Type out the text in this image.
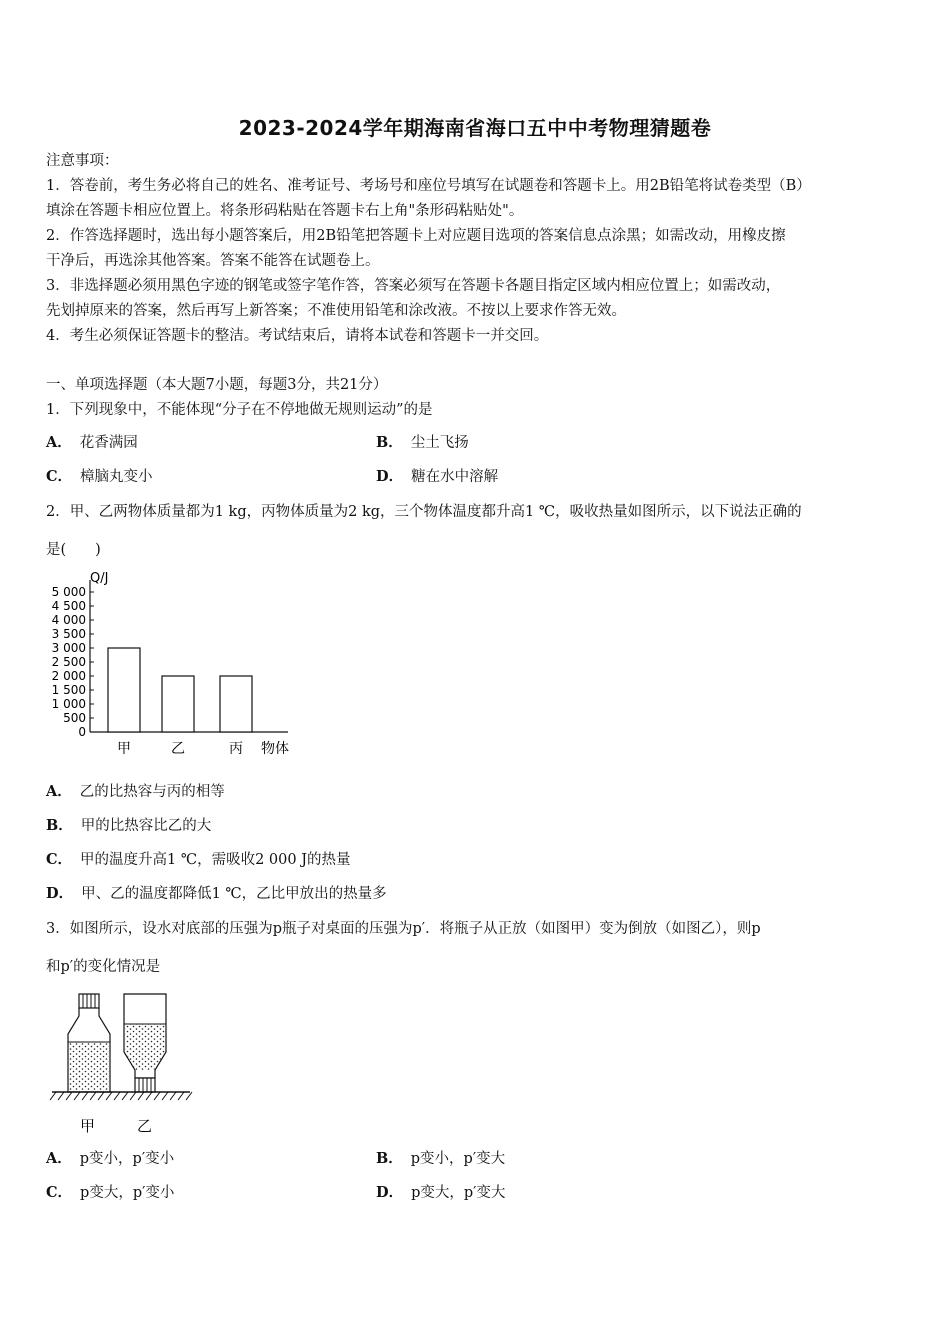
2023-2024学年期海南省海口五中中考物理猜题卷
注意事项：
1．答卷前，考生务必将自己的姓名、准考证号、考场号和座位号填写在试题卷和答题卡上。用2B铅笔将试卷类型（B）
填涂在答题卡相应位置上。将条形码粘贴在答题卡右上角"条形码粘贴处"。
2．作答选择题时，选出每小题答案后，用2B铅笔把答题卡上对应题目选项的答案信息点涂黑；如需改动，用橡皮擦
干净后，再选涂其他答案。答案不能答在试题卷上。
3．非选择题必须用黑色字迹的钢笔或签字笔作答，答案必须写在答题卡各题目指定区域内相应位置上；如需改动，
先划掉原来的答案，然后再写上新答案；不准使用铅笔和涂改液。不按以上要求作答无效。
4．考生必须保证答题卡的整洁。考试结束后，请将本试卷和答题卡一并交回。
一、单项选择题（本大题7小题，每题3分，共21分）
1．下列现象中，不能体现“分子在不停地做无规则运动”的是
A． 花香满园	B． 尘土飞扬
C． 樟脑丸变小	D． 糖在水中溶解
2．甲、乙两物体质量都为1 kg，丙物体质量为2 kg，三个物体温度都升高1 ℃，吸收热量如图所示，以下说法正确的
是(　　)
Q/J
0
500
1 000
1 500
2 000
2 500
3 000
3 500
4 000
4 500
5 000
甲	乙	丙 物体
A． 乙的比热容与丙的相等
B． 甲的比热容比乙的大
C． 甲的温度升高1 ℃，需吸收2 000 J的热量
D． 甲、乙的温度都降低1 ℃，乙比甲放出的热量多
3．如图所示，设水对底部的压强为p瓶子对桌面的压强为p′．将瓶子从正放（如图甲）变为倒放（如图乙），则p
和p′的变化情况是
甲	乙
A． p变小，p′变小	B． p变小，p′变大
C． p变大，p′变小	D． p变大，p′变大
